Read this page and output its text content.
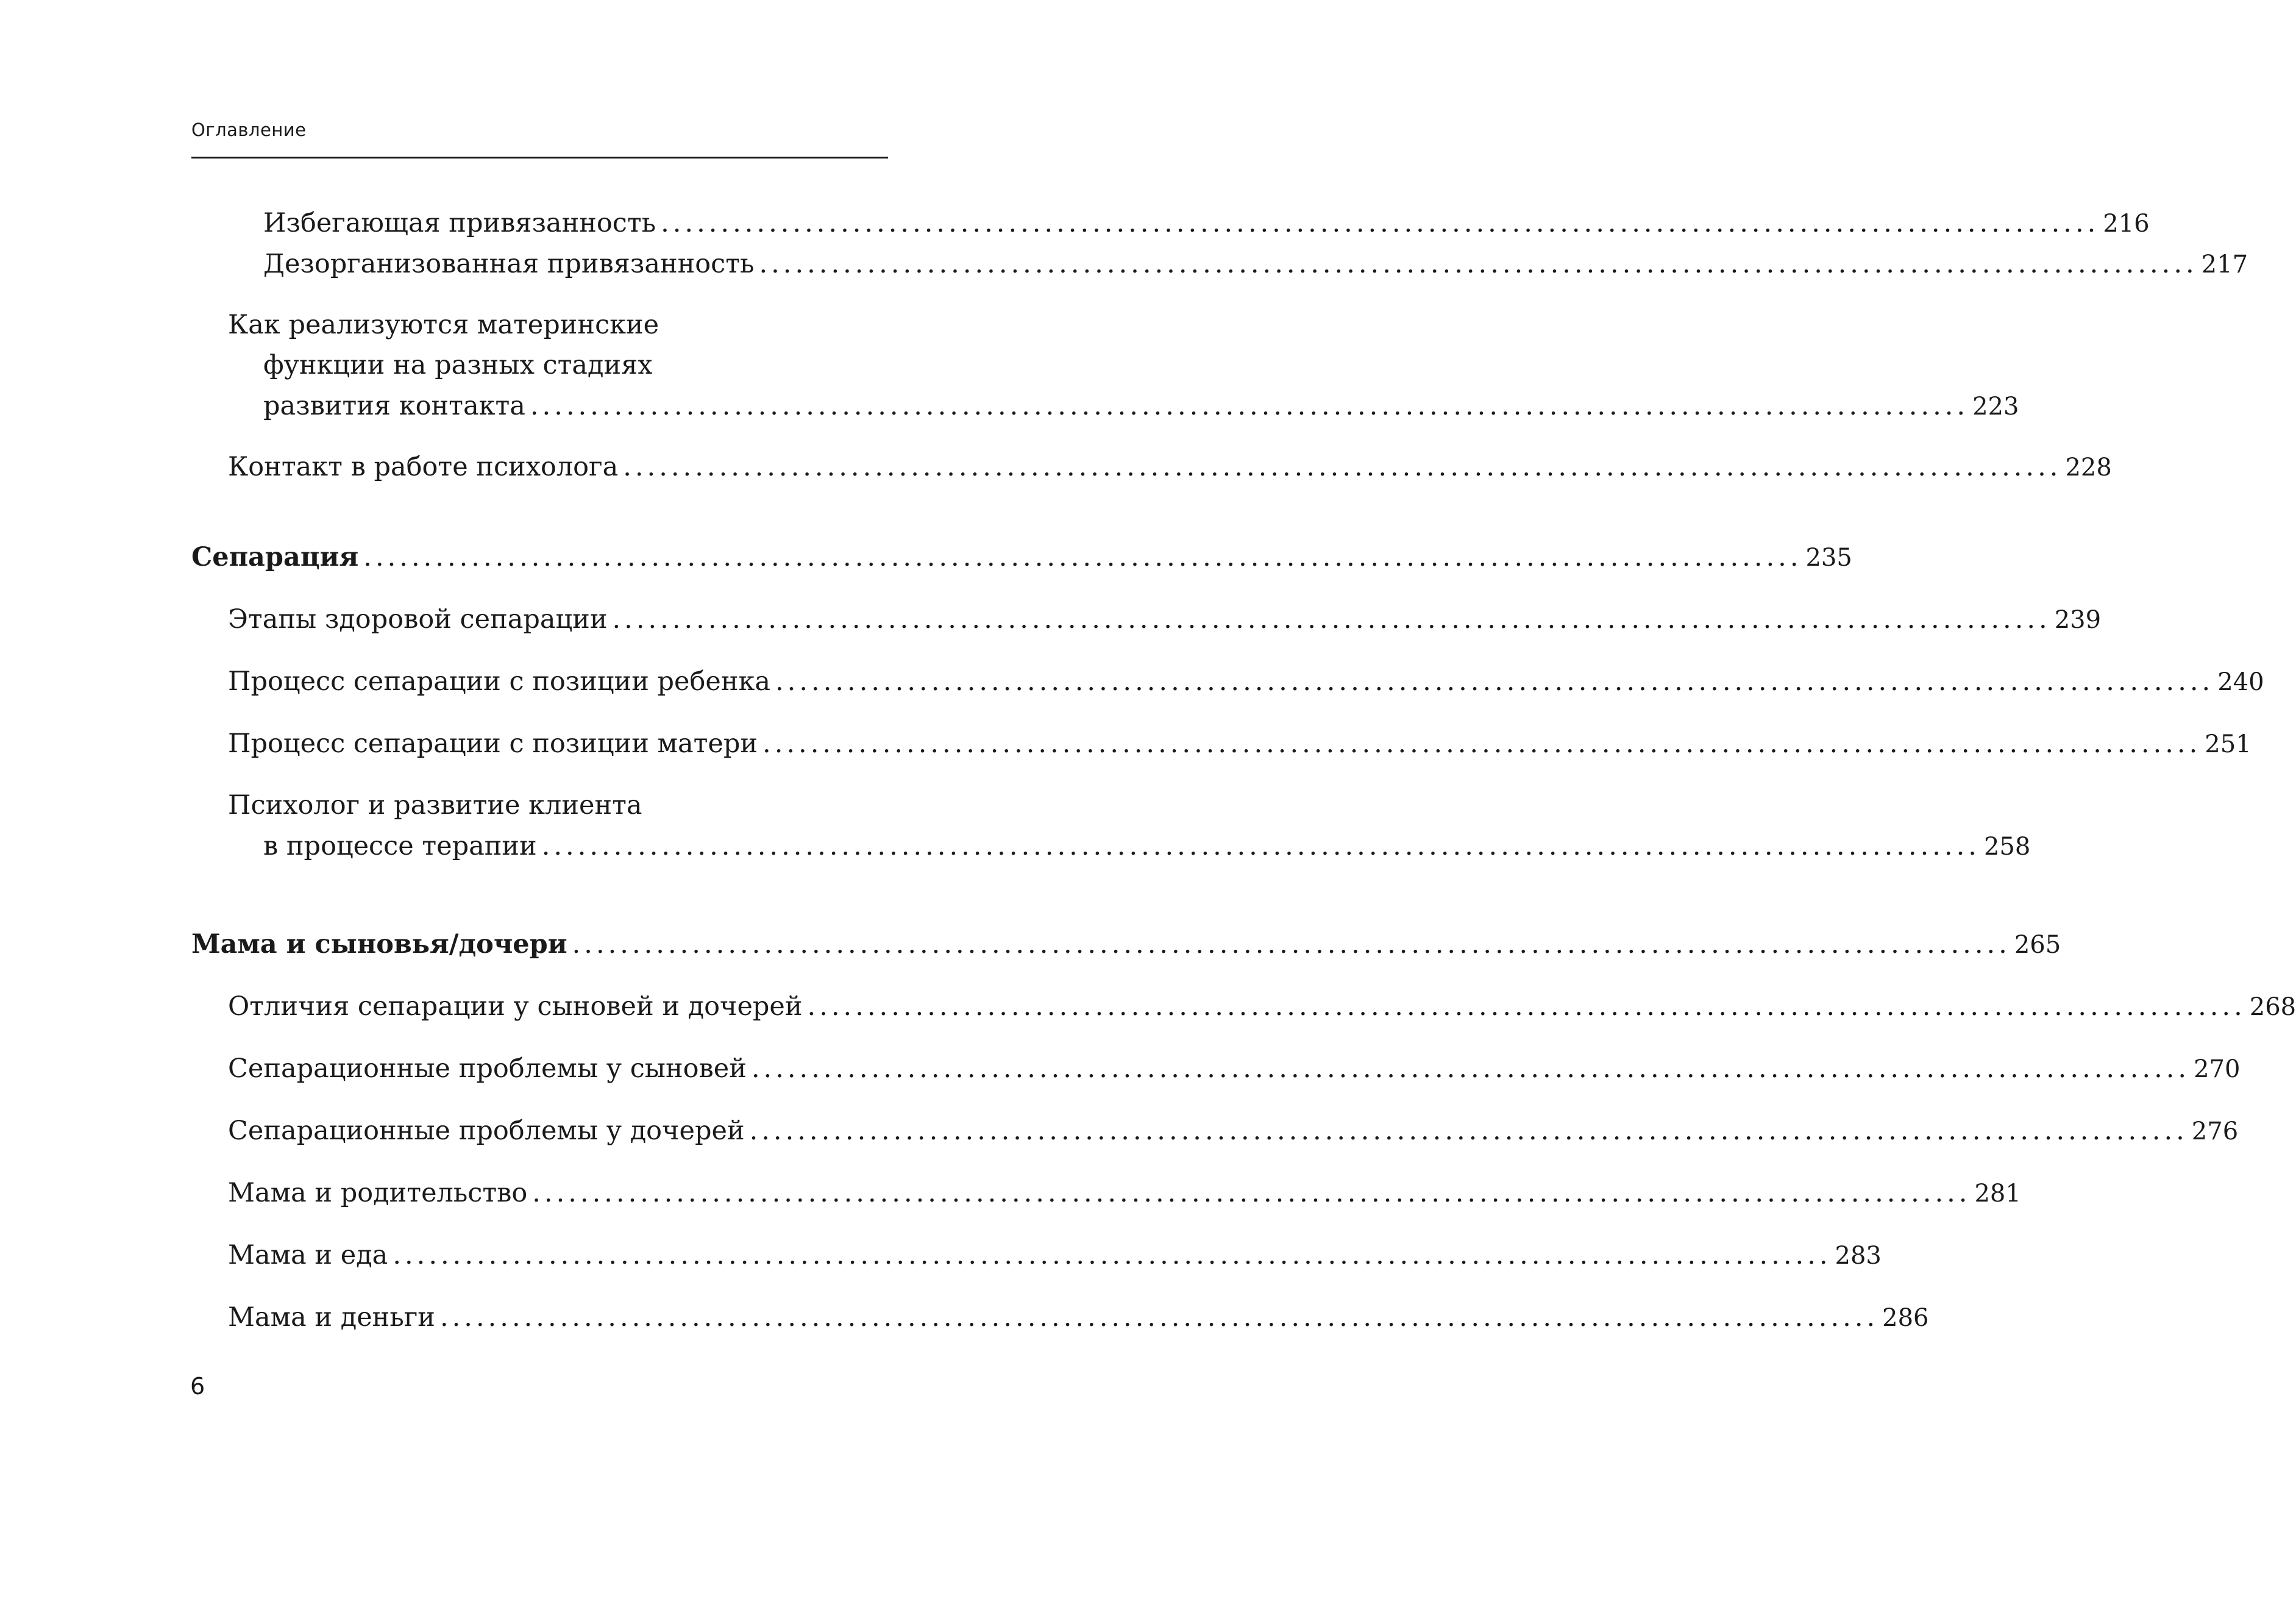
Оглавление
Избегающая привязанность ........................................................................................................................ 216
Дезорганизованная привязанность ........................................................................................................................ 217
Как реализуются материнские
функции на разных стадиях
развития контакта ........................................................................................................................ 223
Контакт в работе психолога ........................................................................................................................ 228
Сепарация ........................................................................................................................ 235
Этапы здоровой сепарации ........................................................................................................................ 239
Процесс сепарации с позиции ребенка ........................................................................................................................ 240
Процесс сепарации с позиции матери ........................................................................................................................ 251
Психолог и развитие клиента
в процессе терапии ........................................................................................................................ 258
Мама и сыновья/дочери ........................................................................................................................ 265
Отличия сепарации у сыновей и дочерей ........................................................................................................................ 268
Сепарационные проблемы у сыновей ........................................................................................................................ 270
Сепарационные проблемы у дочерей ........................................................................................................................ 276
Мама и родительство ........................................................................................................................ 281
Мама и еда ........................................................................................................................ 283
Мама и деньги ........................................................................................................................ 286
6
